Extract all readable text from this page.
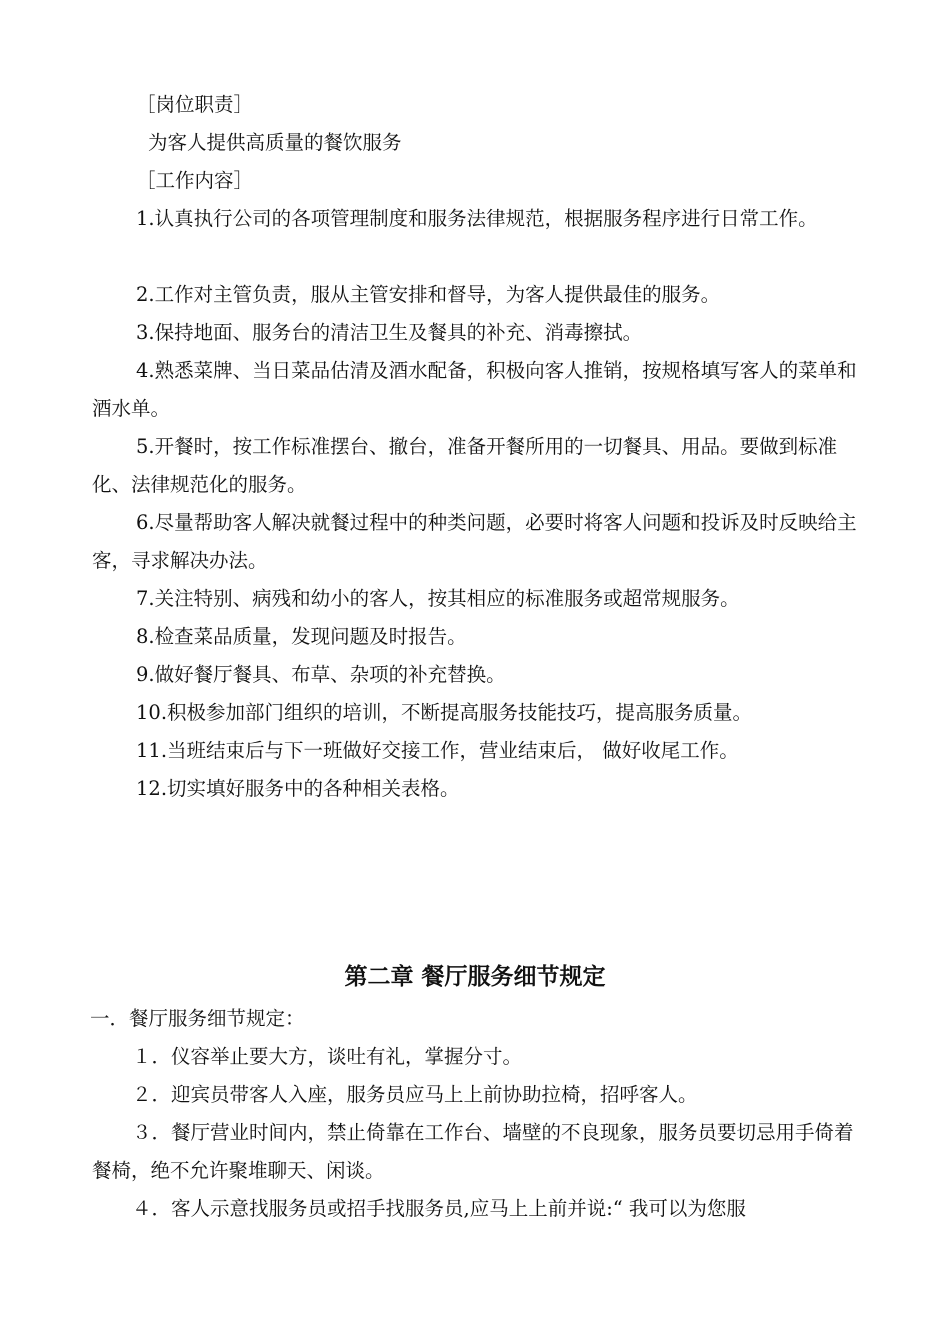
［岗位职责］
为客人提供高质量的餐饮服务
［工作内容］
1.认真执行公司的各项管理制度和服务法律规范，根据服务程序进行日常工作。
2.工作对主管负责，服从主管安排和督导，为客人提供最佳的服务。
3.保持地面、服务台的清洁卫生及餐具的补充、消毒擦拭。
4.熟悉菜牌、当日菜品估清及酒水配备，积极向客人推销，按规格填写客人的菜单和酒水单。
5.开餐时，按工作标准摆台、撤台，准备开餐所用的一切餐具、用品。要做到标准化、法律规范化的服务。
6.尽量帮助客人解决就餐过程中的种类问题，必要时将客人问题和投诉及时反映给主客，寻求解决办法。
7.关注特别、病残和幼小的客人，按其相应的标准服务或超常规服务。
8.检查菜品质量，发现问题及时报告。
9.做好餐厅餐具、布草、杂项的补充替换。
10.积极参加部门组织的培训，不断提高服务技能技巧，提高服务质量。
11.当班结束后与下一班做好交接工作，营业结束后， 做好收尾工作。
12.切实填好服务中的各种相关表格。
第二章 餐厅服务细节规定
一．餐厅服务细节规定：
１．仪容举止要大方，谈吐有礼，掌握分寸。
２．迎宾员带客人入座，服务员应马上上前协助拉椅，招呼客人。
３．餐厅营业时间内，禁止倚靠在工作台、墙壁的不良现象，服务员要切忌用手倚着餐椅，绝不允许聚堆聊天、闲谈。
４．客人示意找服务员或招手找服务员,应马上上前并说:“ 我可以为您服
